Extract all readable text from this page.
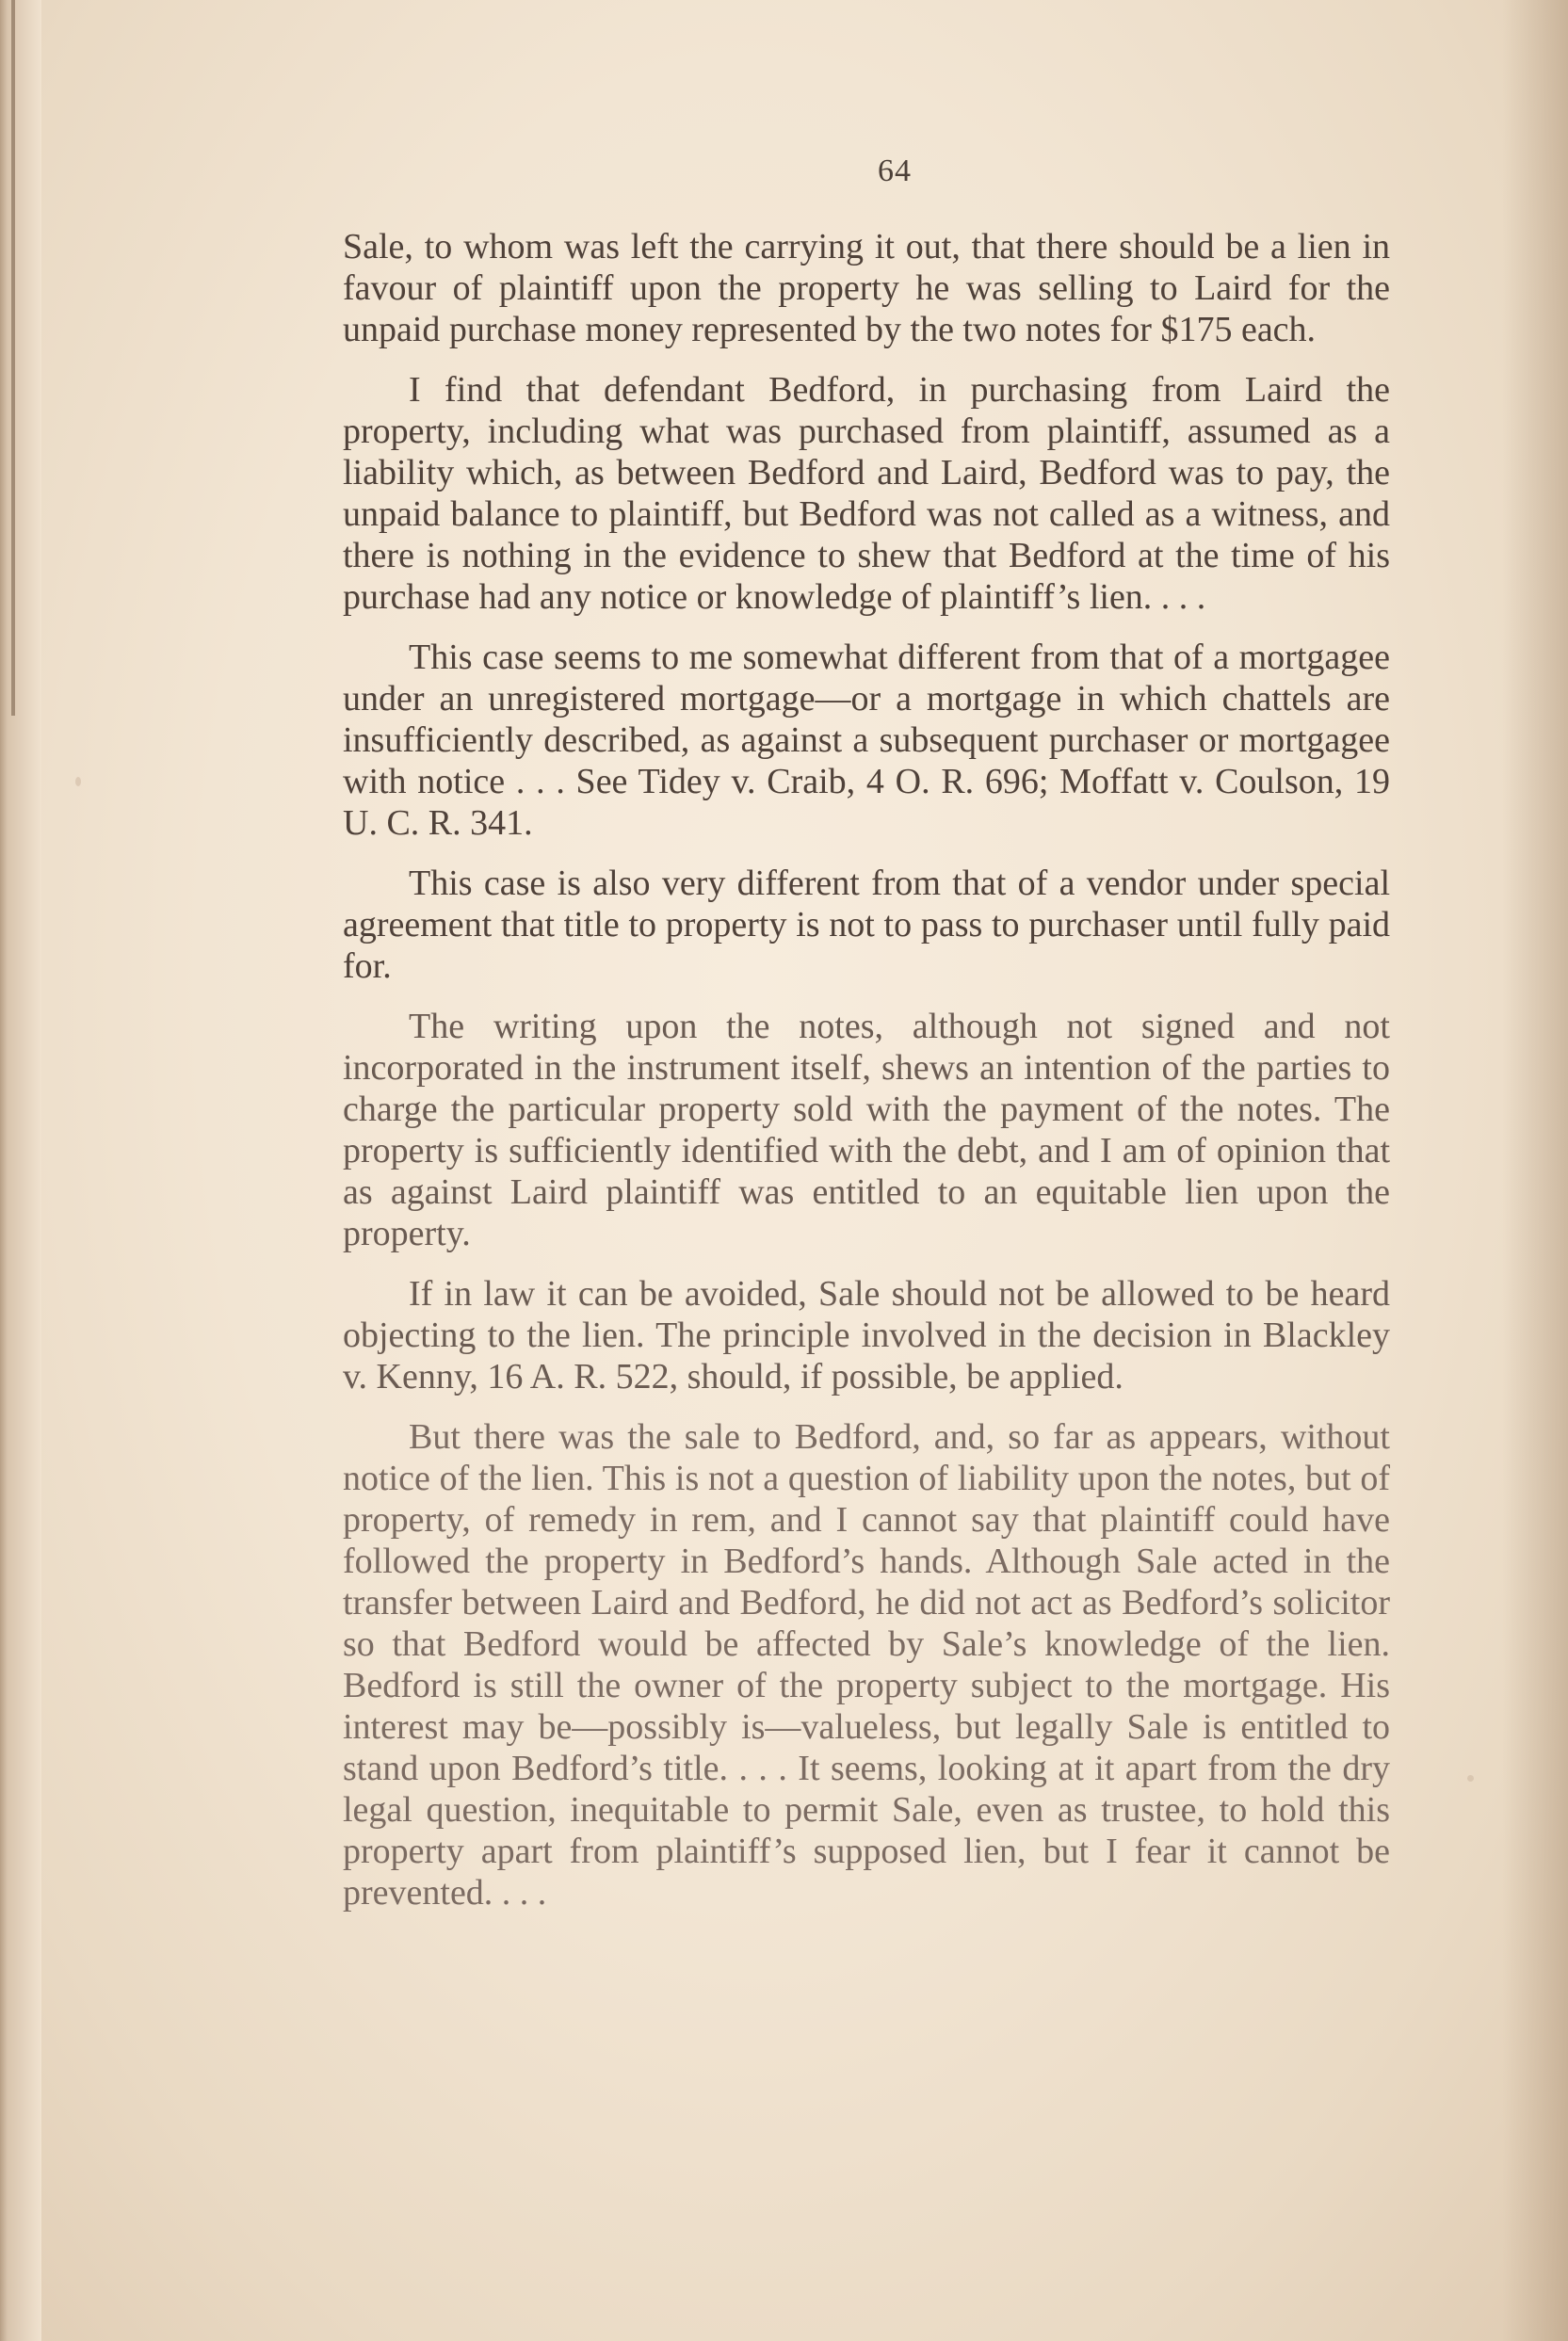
64

Sale, to whom was left the carrying it out, that there should be a lien in favour of plaintiff upon the property he was selling to Laird for the unpaid purchase money represented by the two notes for $175 each.

I find that defendant Bedford, in purchasing from Laird the property, including what was purchased from plaintiff, assumed as a liability which, as between Bedford and Laird, Bedford was to pay, the unpaid balance to plaintiff, but Bedford was not called as a witness, and there is nothing in the evidence to shew that Bedford at the time of his purchase had any notice or knowledge of plaintiff’s lien. . . .

This case seems to me somewhat different from that of a mortgagee under an unregistered mortgage—or a mortgage in which chattels are insufficiently described, as against a subsequent purchaser or mortgagee with notice . . . See Tidey v. Craib, 4 O. R. 696; Moffatt v. Coulson, 19 U. C. R. 341.

This case is also very different from that of a vendor under special agreement that title to property is not to pass to purchaser until fully paid for.

The writing upon the notes, although not signed and not incorporated in the instrument itself, shews an intention of the parties to charge the particular property sold with the payment of the notes. The property is sufficiently identified with the debt, and I am of opinion that as against Laird plaintiff was entitled to an equitable lien upon the property.

If in law it can be avoided, Sale should not be allowed to be heard objecting to the lien. The principle involved in the decision in Blackley v. Kenny, 16 A. R. 522, should, if possible, be applied.

But there was the sale to Bedford, and, so far as appears, without notice of the lien. This is not a question of liability upon the notes, but of property, of remedy in rem, and I cannot say that plaintiff could have followed the property in Bedford’s hands. Although Sale acted in the transfer between Laird and Bedford, he did not act as Bedford’s solicitor so that Bedford would be affected by Sale’s knowledge of the lien. Bedford is still the owner of the property subject to the mortgage. His interest may be—possibly is—valueless, but legally Sale is entitled to stand upon Bedford’s title. . . . It seems, looking at it apart from the dry legal question, inequitable to permit Sale, even as trustee, to hold this property apart from plaintiff’s supposed lien, but I fear it cannot be prevented. . . .
